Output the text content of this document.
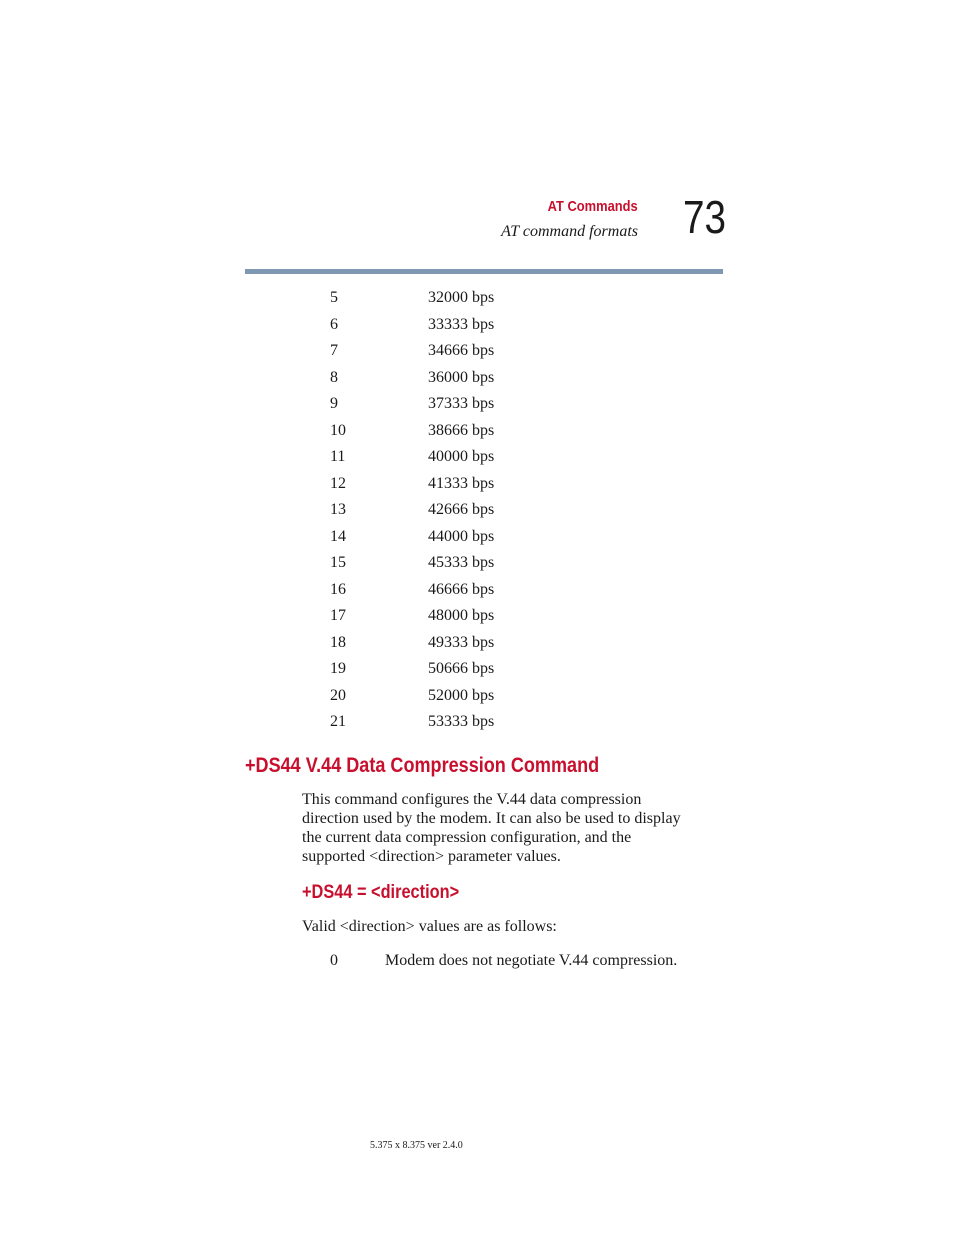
AT Commands
AT command formats 73
5	32000 bps
6	33333 bps
7	34666 bps
8	36000 bps
9	37333 bps
10	38666 bps
11	40000 bps
12	41333 bps
13	42666 bps
14	44000 bps
15	45333 bps
16	46666 bps
17	48000 bps
18	49333 bps
19	50666 bps
20	52000 bps
21	53333 bps
+DS44 V.44 Data Compression Command
This command configures the V.44 data compression
direction used by the modem. It can also be used to display
the current data compression configuration, and the
supported <direction> parameter values.
+DS44 = <direction>
Valid <direction> values are as follows:
0	Modem does not negotiate V.44 compression.
5.375 x 8.375 ver 2.4.0
